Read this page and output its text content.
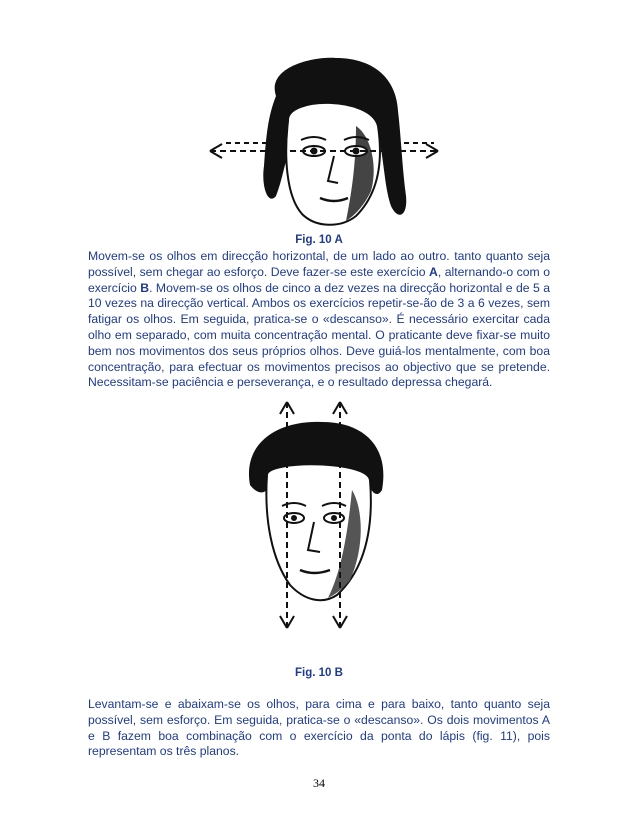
Fig. 10 A
Movem-se os olhos em direcção horizontal, de um lado ao outro. tanto quanto seja possível, sem chegar ao esforço. Deve fazer-se este exercício A, alternando-o com o exercício B. Movem-se os olhos de cinco a dez vezes na direcção horizontal e de 5 a 10 vezes na direcção vertical. Ambos os exercícios repetir-se-ão de 3 a 6 vezes, sem fatigar os olhos. Em seguida, pratica-se o «descanso». É necessário exercitar cada olho em separado, com muita concentração mental. O praticante deve fixar-se muito bem nos movimentos dos seus próprios olhos. Deve guiá-los mentalmente, com boa concentração, para efectuar os movimentos precisos ao objectivo que se pretende. Necessitam-se paciência e perseverança, e o resultado depressa chegará.
Fig. 10 B
Levantam-se e abaixam-se os olhos, para cima e para baixo, tanto quanto seja possível, sem esforço. Em seguida, pratica-se o «descanso». Os dois movimentos A e B fazem boa combinação com o exercício da ponta do lápis (fig. 11), pois representam os três planos.
34
